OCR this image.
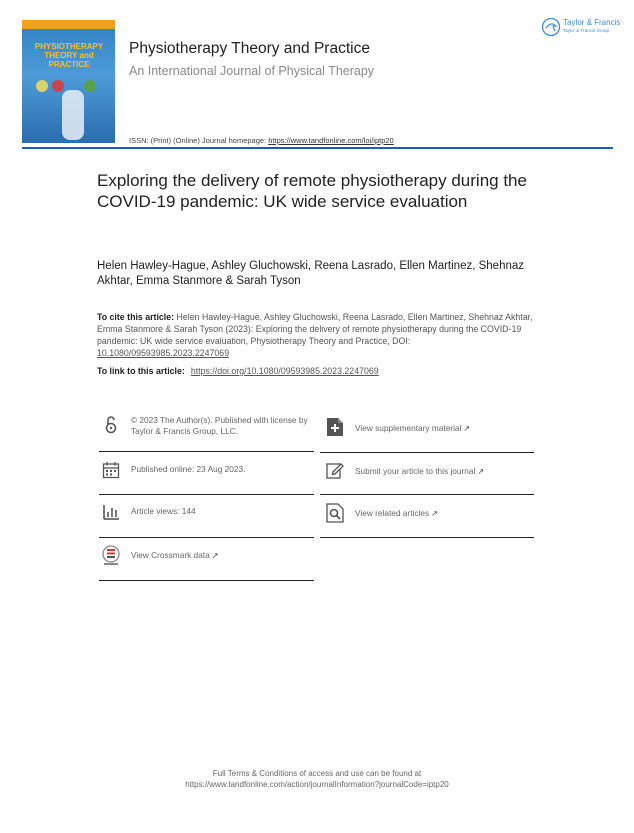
PHYSIOTHERAPY THEORY and PRACTICE
Physiotherapy Theory and Practice
An International Journal of Physical Therapy
ISSN: (Print) (Online) Journal homepage: https://www.tandfonline.com/loi/iptp20
Taylor & Francis
Taylor & Francis Group
Exploring the delivery of remote physiotherapy during the COVID-19 pandemic: UK wide service evaluation
Helen Hawley-Hague, Ashley Gluchowski, Reena Lasrado, Ellen Martinez, Shehnaz Akhtar, Emma Stanmore & Sarah Tyson
To cite this article: Helen Hawley-Hague, Ashley Gluchowski, Reena Lasrado, Ellen Martinez, Shehnaz Akhtar, Emma Stanmore & Sarah Tyson (2023): Exploring the delivery of remote physiotherapy during the COVID-19 pandemic: UK wide service evaluation, Physiotherapy Theory and Practice, DOI: 10.1080/09593985.2023.2247069
To link to this article: https://doi.org/10.1080/09593985.2023.2247069
© 2023 The Author(s). Published with license by Taylor & Francis Group, LLC.
Published online: 23 Aug 2023.
Article views: 144
View Crossmark data ↗
View supplementary material ↗
Submit your article to this journal ↗
View related articles ↗
Full Terms & Conditions of access and use can be found at
https://www.tandfonline.com/action/journalInformation?journalCode=iptp20
